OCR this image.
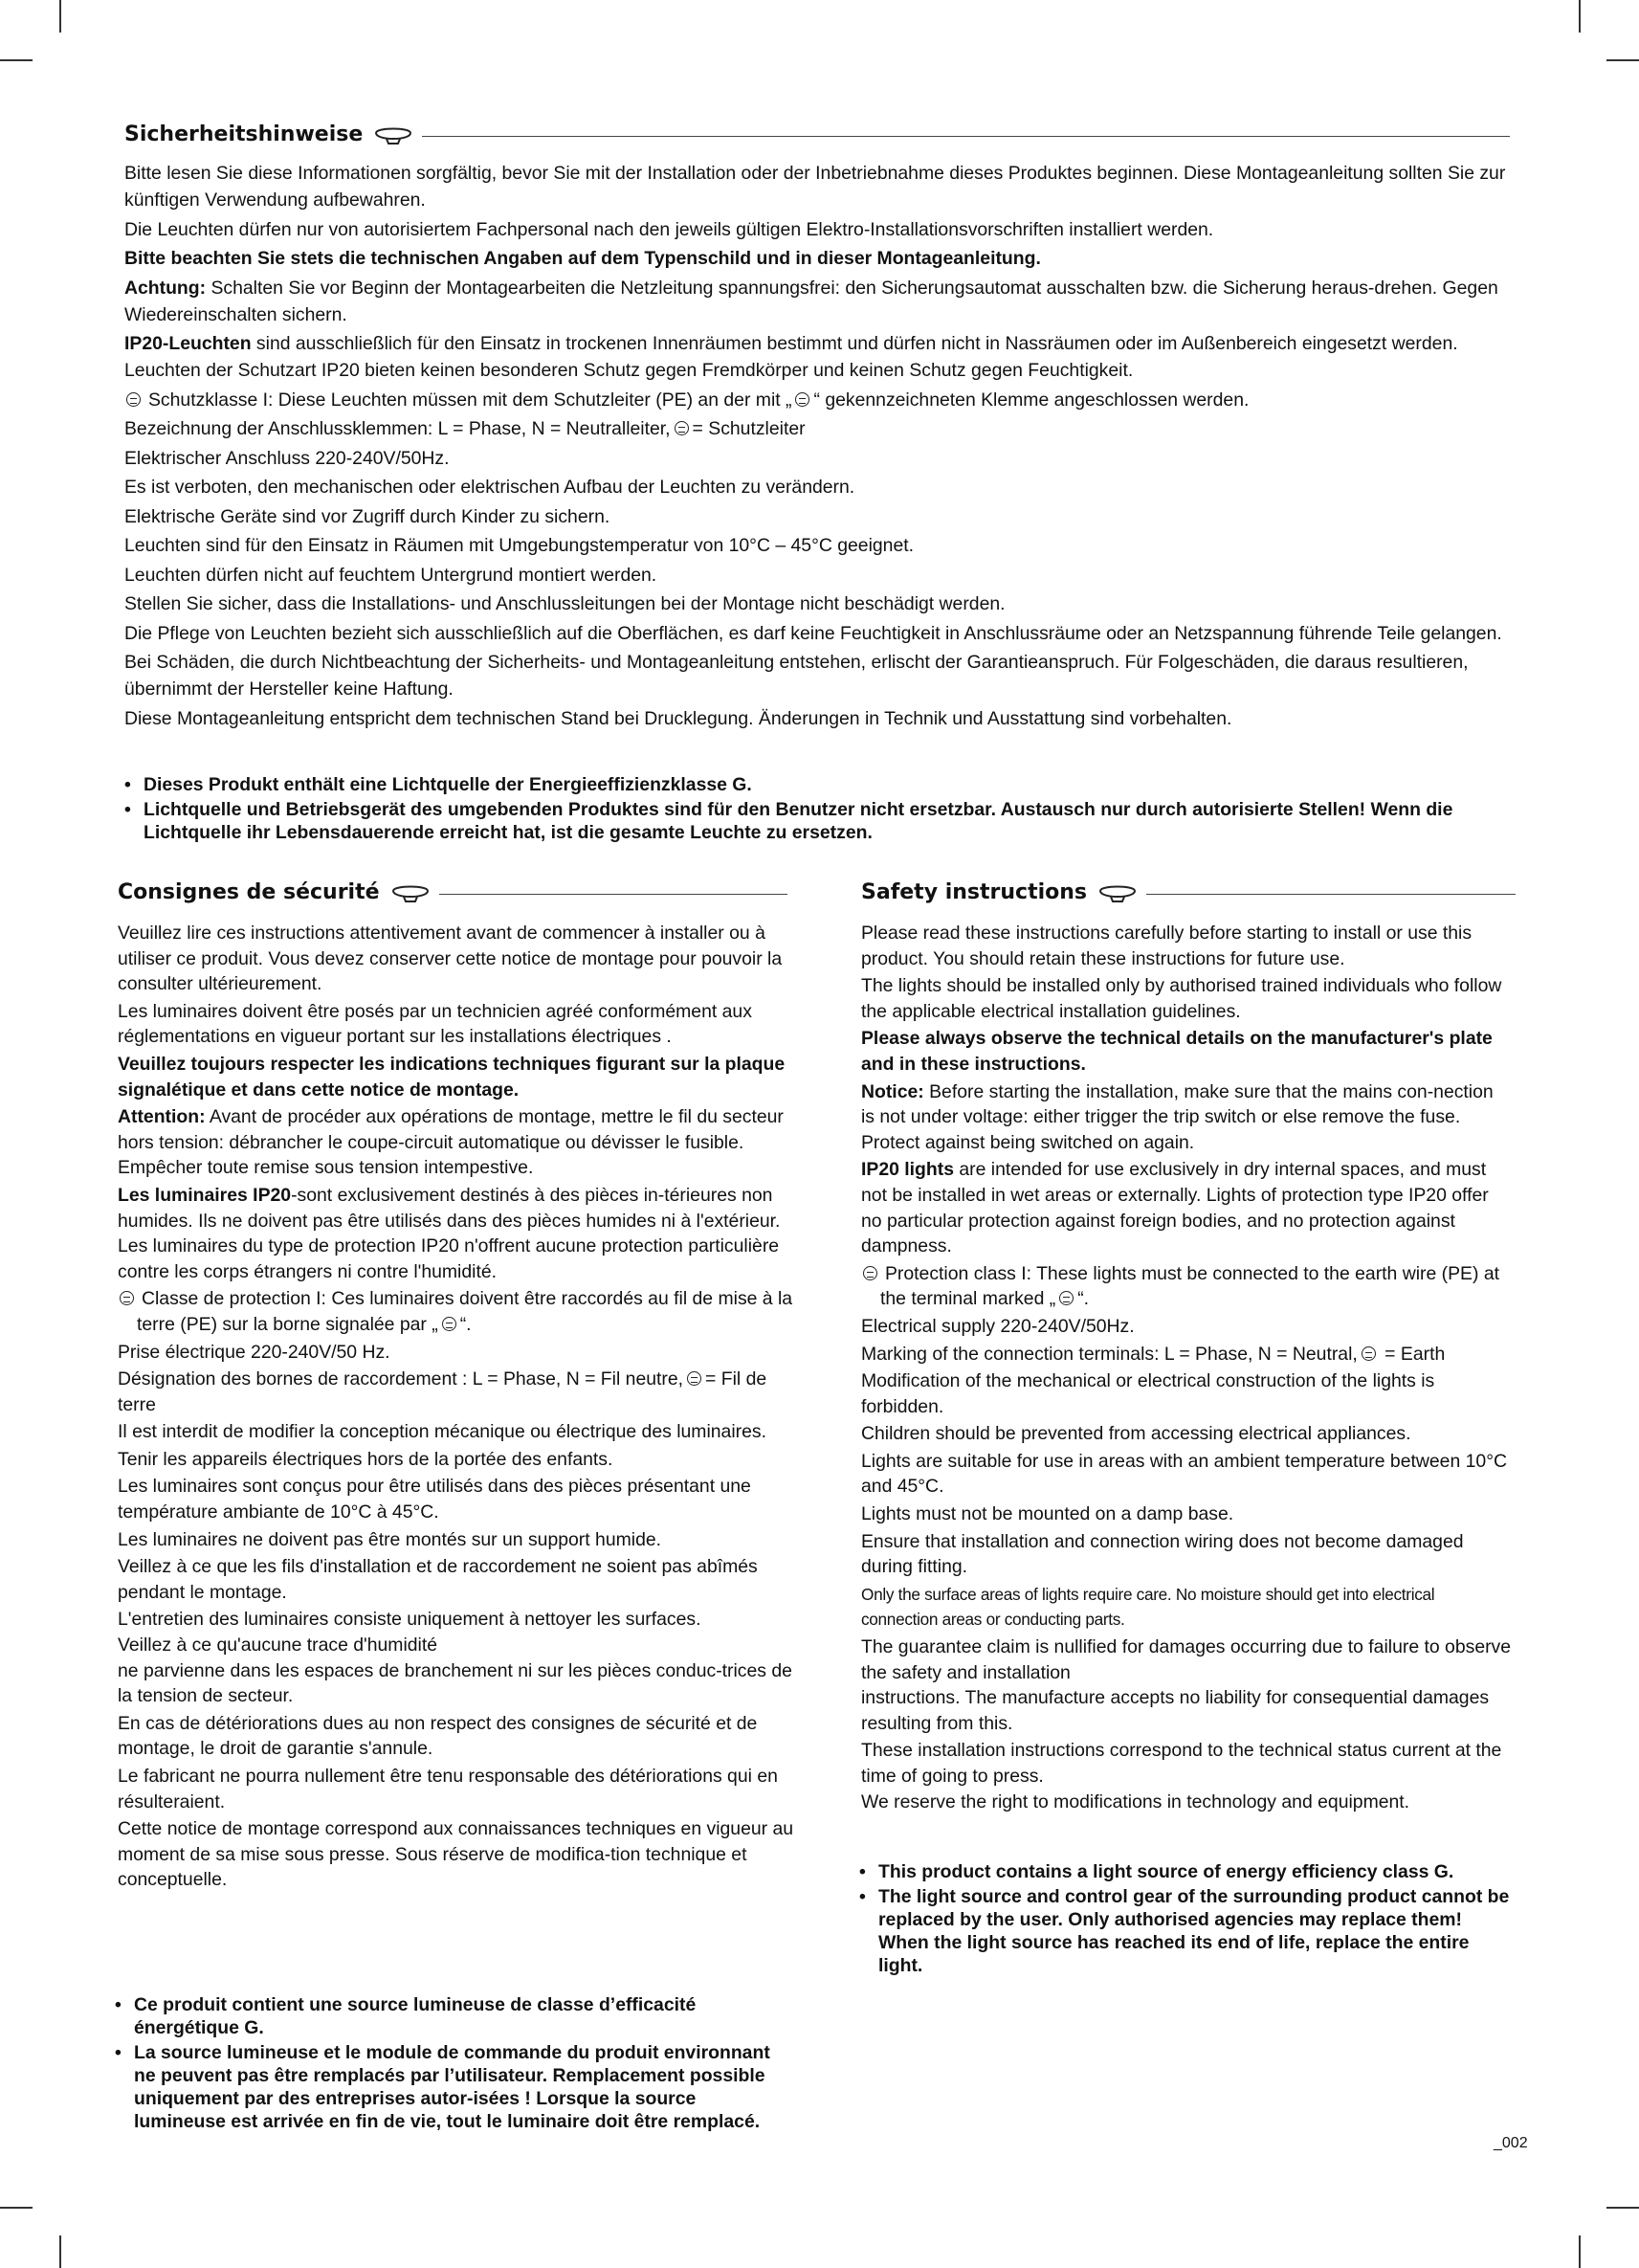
Sicherheitshinweise

Bitte lesen Sie diese Informationen sorgfältig, bevor Sie mit der Installation oder der Inbetriebnahme dieses Produktes beginnen. Diese Montageanleitung sollten Sie zur künftigen Verwendung aufbewahren.

Die Leuchten dürfen nur von autorisiertem Fachpersonal nach den jeweils gültigen Elektro-Installationsvorschriften installiert werden.

Bitte beachten Sie stets die technischen Angaben auf dem Typenschild und in dieser Montageanleitung.

Achtung: Schalten Sie vor Beginn der Montagearbeiten die Netzleitung spannungsfrei: den Sicherungsautomat ausschalten bzw. die Sicherung heraus-drehen. Gegen Wiedereinschalten sichern.

IP20-Leuchten sind ausschließlich für den Einsatz in trockenen Innenräumen bestimmt und dürfen nicht in Nassräumen oder im Außenbereich eingesetzt werden. Leuchten der Schutzart IP20 bieten keinen besonderen Schutz gegen Fremdkörper und keinen Schutz gegen Feuchtigkeit.

Schutzklasse I: Diese Leuchten müssen mit dem Schutzleiter (PE) an der mit „ “ gekennzeichneten Klemme angeschlossen werden.

Bezeichnung der Anschlussklemmen: L = Phase, N = Neutralleiter, = Schutzleiter

Elektrischer Anschluss 220-240V/50Hz.

Es ist verboten, den mechanischen oder elektrischen Aufbau der Leuchten zu verändern.

Elektrische Geräte sind vor Zugriff durch Kinder zu sichern.

Leuchten sind für den Einsatz in Räumen mit Umgebungstemperatur von 10°C – 45°C geeignet.

Leuchten dürfen nicht auf feuchtem Untergrund montiert werden.

Stellen Sie sicher, dass die Installations- und Anschlussleitungen bei der Montage nicht beschädigt werden.

Die Pflege von Leuchten bezieht sich ausschließlich auf die Oberflächen, es darf keine Feuchtigkeit in Anschlussräume oder an Netzspannung führende Teile gelangen.

Bei Schäden, die durch Nichtbeachtung der Sicherheits- und Montageanleitung entstehen, erlischt der Garantieanspruch. Für Folgeschäden, die daraus resultieren, übernimmt der Hersteller keine Haftung.

Diese Montageanleitung entspricht dem technischen Stand bei Drucklegung. Änderungen in Technik und Ausstattung sind vorbehalten.

• Dieses Produkt enthält eine Lichtquelle der Energieeffizienzklasse G.
• Lichtquelle und Betriebsgerät des umgebenden Produktes sind für den Benutzer nicht ersetzbar. Austausch nur durch autorisierte Stellen! Wenn die Lichtquelle ihr Lebensdauerende erreicht hat, ist die gesamte Leuchte zu ersetzen.
Consignes de sécurité

Veuillez lire ces instructions attentivement avant de commencer à installer ou à utiliser ce produit. Vous devez conserver cette notice de montage pour pouvoir la consulter ultérieurement.

Les luminaires doivent être posés par un technicien agréé conformément aux réglementations en vigueur portant sur les installations électriques .

Veuillez toujours respecter les indications techniques figurant sur la plaque signalétique et dans cette notice de montage.

Attention: Avant de procéder aux opérations de montage, mettre le fil du secteur hors tension: débrancher le coupe-circuit automatique ou dévisser le fusible. Empêcher toute remise sous tension intempestive.

Les luminaires IP20-sont exclusivement destinés à des pièces in-térieures non humides. Ils ne doivent pas être utilisés dans des pièces humides ni à l'extérieur. Les luminaires du type de protection IP20 n'offrent aucune protection particulière contre les corps étrangers ni contre l'humidité.

Classe de protection I: Ces luminaires doivent être raccordés au fil de mise à la terre (PE) sur la borne signalée par „ “.

Prise électrique 220-240V/50 Hz.

Désignation des bornes de raccordement : L = Phase, N = Fil neutre, = Fil de terre

Il est interdit de modifier la conception mécanique ou électrique des luminaires.

Tenir les appareils électriques hors de la portée des enfants.

Les luminaires sont conçus pour être utilisés dans des pièces présentant une température ambiante de 10°C à 45°C.

Les luminaires ne doivent pas être montés sur un support humide.

Veillez à ce que les fils d'installation et de raccordement ne soient pas abîmés pendant le montage.

L'entretien des luminaires consiste uniquement à nettoyer les surfaces.

Veillez à ce qu'aucune trace d'humidité

ne parvienne dans les espaces de branchement ni sur les pièces conduc-trices de la tension de secteur.

En cas de détériorations dues au non respect des consignes de sécurité et de montage, le droit de garantie s'annule.

Le fabricant ne pourra nullement être tenu responsable des détériorations qui en résulteraient.

Cette notice de montage correspond aux connaissances techniques en vigueur au moment de sa mise sous presse. Sous réserve de modifica-tion technique et conceptuelle.

• Ce produit contient une source lumineuse de classe d’efficacité énergétique G.
• La source lumineuse et le module de commande du produit environnant ne peuvent pas être remplacés par l’utilisateur. Remplacement possible uniquement par des entreprises autor-isées ! Lorsque la source lumineuse est arrivée en fin de vie, tout le luminaire doit être remplacé.
Safety instructions

Please read these instructions carefully before starting to install or use this product. You should retain these instructions for future use.

The lights should be installed only by authorised trained individuals who follow the applicable electrical installation guidelines.

Please always observe the technical details on the manufacturer's plate and in these instructions.

Notice: Before starting the installation, make sure that the mains con-nection is not under voltage: either trigger the trip switch or else remove the fuse. Protect against being switched on again.

IP20 lights are intended for use exclusively in dry internal spaces, and must not be installed in wet areas or externally. Lights of protection type IP20 offer no particular protection against foreign bodies, and no protection against dampness.

Protection class I: These lights must be connected to the earth wire (PE) at the terminal marked „ “.

Electrical supply 220-240V/50Hz.

Marking of the connection terminals: L = Phase, N = Neutral, = Earth

Modification of the mechanical or electrical construction of the lights is forbidden.

Children should be prevented from accessing electrical appliances.

Lights are suitable for use in areas with an ambient temperature between 10°C and 45°C.

Lights must not be mounted on a damp base.

Ensure that installation and connection wiring does not become damaged during fitting.

Only the surface areas of lights require care. No moisture should get into electrical connection areas or conducting parts.

The guarantee claim is nullified for damages occurring due to failure to observe the safety and installation

instructions. The manufacture accepts no liability for consequential damages resulting from this.

These installation instructions correspond to the technical status current at the time of going to press.

We reserve the right to modifications in technology and equipment.

• This product contains a light source of energy efficiency class G.
• The light source and control gear of the surrounding product cannot be replaced by the user. Only authorised agencies may replace them! When the light source has reached its end of life, replace the entire light.
_002
